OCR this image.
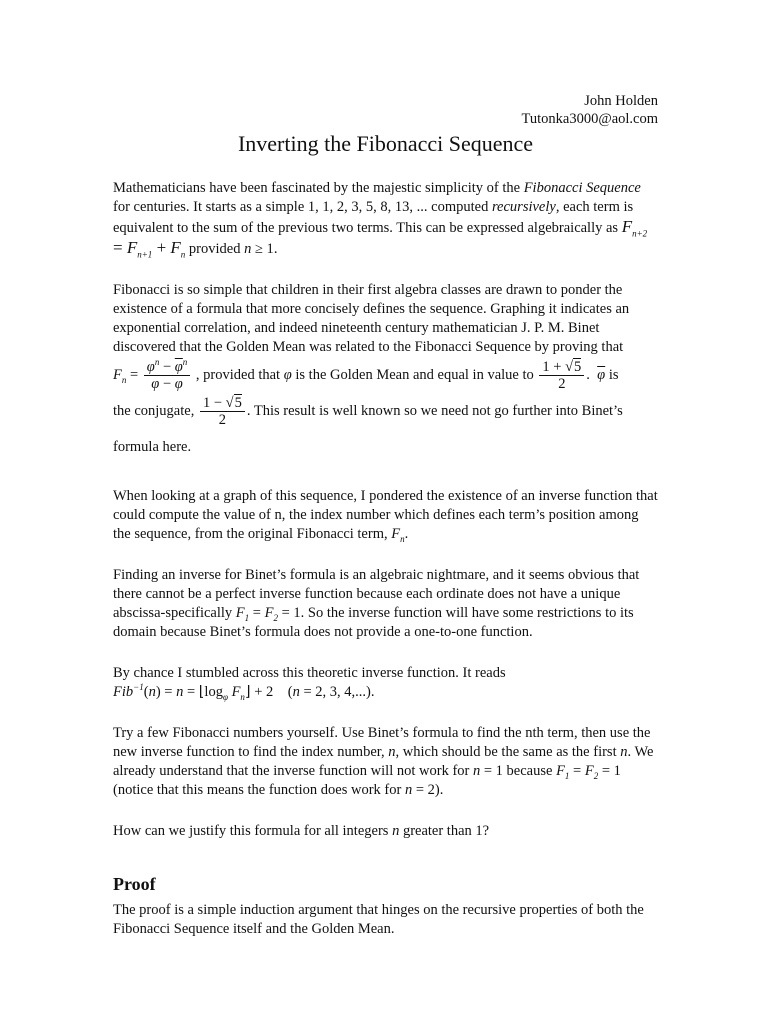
John Holden
Tutonka3000@aol.com
Inverting the Fibonacci Sequence

Mathematicians have been fascinated by the majestic simplicity of the Fibonacci Sequence for centuries. It starts as a simple 1, 1, 2, 3, 5, 8, 13, ... computed recursively, each term is equivalent to the sum of the previous two terms. This can be expressed algebraically as $F_{n+2} = F_{n+1} + F_n$ provided n ≥ 1.

Fibonacci is so simple that children in their first algebra classes are drawn to ponder the existence of a formula that more concisely defines the sequence. Graphing it indicates an exponential correlation, and indeed nineteenth century mathematician J. P. M. Binet discovered that the Golden Mean was related to the Fibonacci Sequence by proving that

$F_n = \frac{\varphi^n - \overline{\varphi}^n}{\varphi - \overline{\varphi}}$ , provided that φ is the Golden Mean and equal in value to $\frac{1 + √5}{2}$ .  $\overline{\varphi}$ is

the conjugate, $\frac{1 - √5}{2}$ . This result is well known so we need not go further into Binet’s formula here.

When looking at a graph of this sequence, I pondered the existence of an inverse function that could compute the value of n, the index number which defines each term’s position among the sequence, from the original Fibonacci term, $F_n$.

Finding an inverse for Binet’s formula is an algebraic nightmare, and it seems obvious that there cannot be a perfect inverse function because each ordinate does not have a unique abscissa-specifically $F_1 = F_2 = 1$. So the inverse function will have some restrictions to its domain because Binet’s formula does not provide a one-to-one function.

By chance I stumbled across this theoretic inverse function. It reads
$Fib^{-1}(n) = n = ⌊\log_\varphi$ $F_n⌋ + 2$ (n = 2, 3, 4,...).

Try a few Fibonacci numbers yourself. Use Binet’s formula to find the nth term, then use the new inverse function to find the index number, n, which should be the same as the first n. We already understand that the inverse function will not work for n = 1 because $F_1 = F_2 = 1$ (notice that this means the function does work for n = 2).

How can we justify this formula for all integers n greater than 1?

Proof

The proof is a simple induction argument that hinges on the recursive properties of both the Fibonacci Sequence itself and the Golden Mean.
